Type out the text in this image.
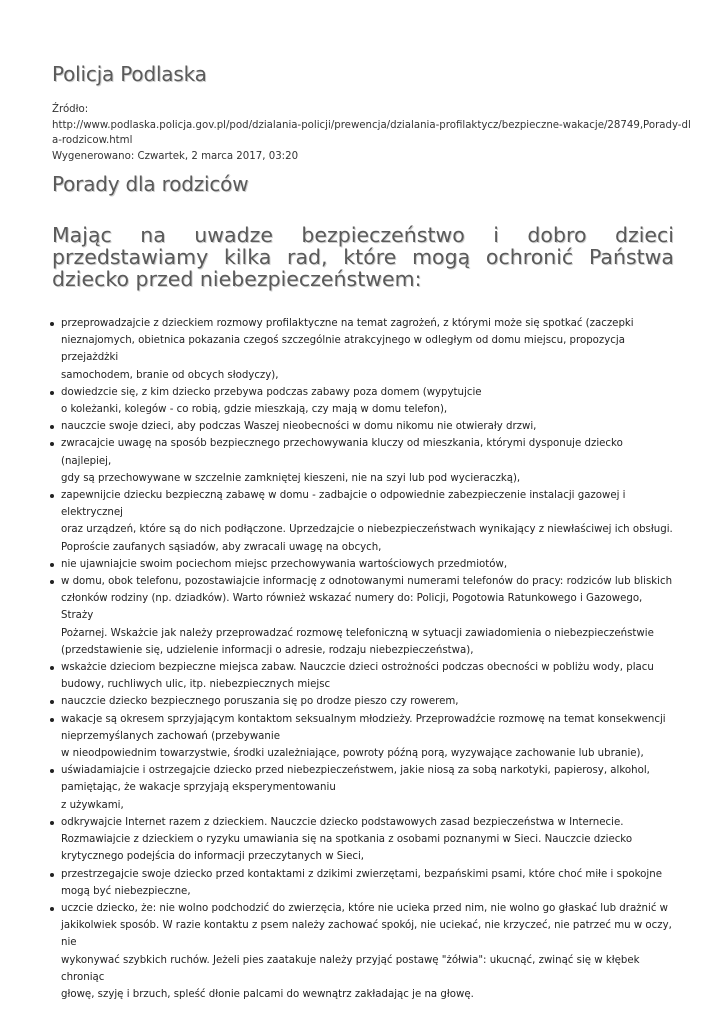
Policja Podlaska
Źródło:
http://www.podlaska.policja.gov.pl/pod/dzialania-policji/prewencja/dzialania-profilaktycz/bezpieczne-wakacje/28749,Porady-dl
a-rodzicow.html
Wygenerowano: Czwartek, 2 marca 2017, 03:20
Porady dla rodziców
Mając na uwadze bezpieczeństwo i dobro dzieci przedstawiamy kilka rad, które mogą ochronić Państwa dziecko przed niebezpieczeństwem:
przeprowadzajcie z dzieckiem rozmowy profilaktyczne na temat zagrożeń, z którymi może się spotkać (zaczepki
nieznajomych, obietnica pokazania czegoś szczególnie atrakcyjnego w odległym od domu miejscu, propozycja przejażdżki
samochodem, branie od obcych słodyczy),
dowiedzcie się, z kim dziecko przebywa podczas zabawy poza domem (wypytujcie
o koleżanki, kolegów - co robią, gdzie mieszkają, czy mają w domu telefon),
nauczcie swoje dzieci, aby podczas Waszej nieobecności w domu nikomu nie otwierały drzwi,
zwracajcie uwagę na sposób bezpiecznego przechowywania kluczy od mieszkania, którymi dysponuje dziecko (najlepiej,
gdy są przechowywane w szczelnie zamkniętej kieszeni, nie na szyi lub pod wycieraczką),
zapewnijcie dziecku bezpieczną zabawę w domu - zadbajcie o odpowiednie zabezpieczenie instalacji gazowej i elektrycznej
oraz urządzeń, które są do nich podłączone. Uprzedzajcie o niebezpieczeństwach wynikający z niewłaściwej ich obsługi.
Poproście zaufanych sąsiadów, aby zwracali uwagę na obcych,
nie ujawniajcie swoim pociechom miejsc przechowywania wartościowych przedmiotów,
w domu, obok telefonu, pozostawiajcie informację z odnotowanymi numerami telefonów do pracy: rodziców lub bliskich
członków rodziny (np. dziadków). Warto również wskazać numery do: Policji, Pogotowia Ratunkowego i Gazowego, Straży
Pożarnej. Wskażcie jak należy przeprowadzać rozmowę telefoniczną w sytuacji zawiadomienia o niebezpieczeństwie
(przedstawienie się, udzielenie informacji o adresie, rodzaju niebezpieczeństwa),
wskażcie dzieciom bezpieczne miejsca zabaw. Nauczcie dzieci ostrożności podczas obecności w pobliżu wody, placu
budowy, ruchliwych ulic, itp. niebezpiecznych miejsc
nauczcie dziecko bezpiecznego poruszania się po drodze pieszo czy rowerem,
wakacje są okresem sprzyjającym kontaktom seksualnym młodzieży. Przeprowadźcie rozmowę na temat konsekwencji
nieprzemyślanych zachowań (przebywanie
w nieodpowiednim towarzystwie, środki uzależniające, powroty późną porą, wyzywające zachowanie lub ubranie),
uświadamiajcie i ostrzegajcie dziecko przed niebezpieczeństwem, jakie niosą za sobą narkotyki, papierosy, alkohol,
pamiętając, że wakacje sprzyjają eksperymentowaniu
z używkami,
odkrywajcie Internet razem z dzieckiem. Nauczcie dziecko podstawowych zasad bezpieczeństwa w Internecie.
Rozmawiajcie z dzieckiem o ryzyku umawiania się na spotkania z osobami poznanymi w Sieci. Nauczcie dziecko
krytycznego podejścia do informacji przeczytanych w Sieci,
przestrzegajcie swoje dziecko przed kontaktami z dzikimi zwierzętami, bezpańskimi psami, które choć miłe i spokojne
mogą być niebezpieczne,
uczcie dziecko, że: nie wolno podchodzić do zwierzęcia, które nie ucieka przed nim, nie wolno go głaskać lub drażnić w
jakikolwiek sposób. W razie kontaktu z psem należy zachować spokój, nie uciekać, nie krzyczeć, nie patrzeć mu w oczy, nie
wykonywać szybkich ruchów. Jeżeli pies zaatakuje należy przyjąć postawę "żółwia": ukucnąć, zwinąć się w kłębek chroniąc
głowę, szyję i brzuch, spleść dłonie palcami do wewnątrz zakładając je na głowę.
